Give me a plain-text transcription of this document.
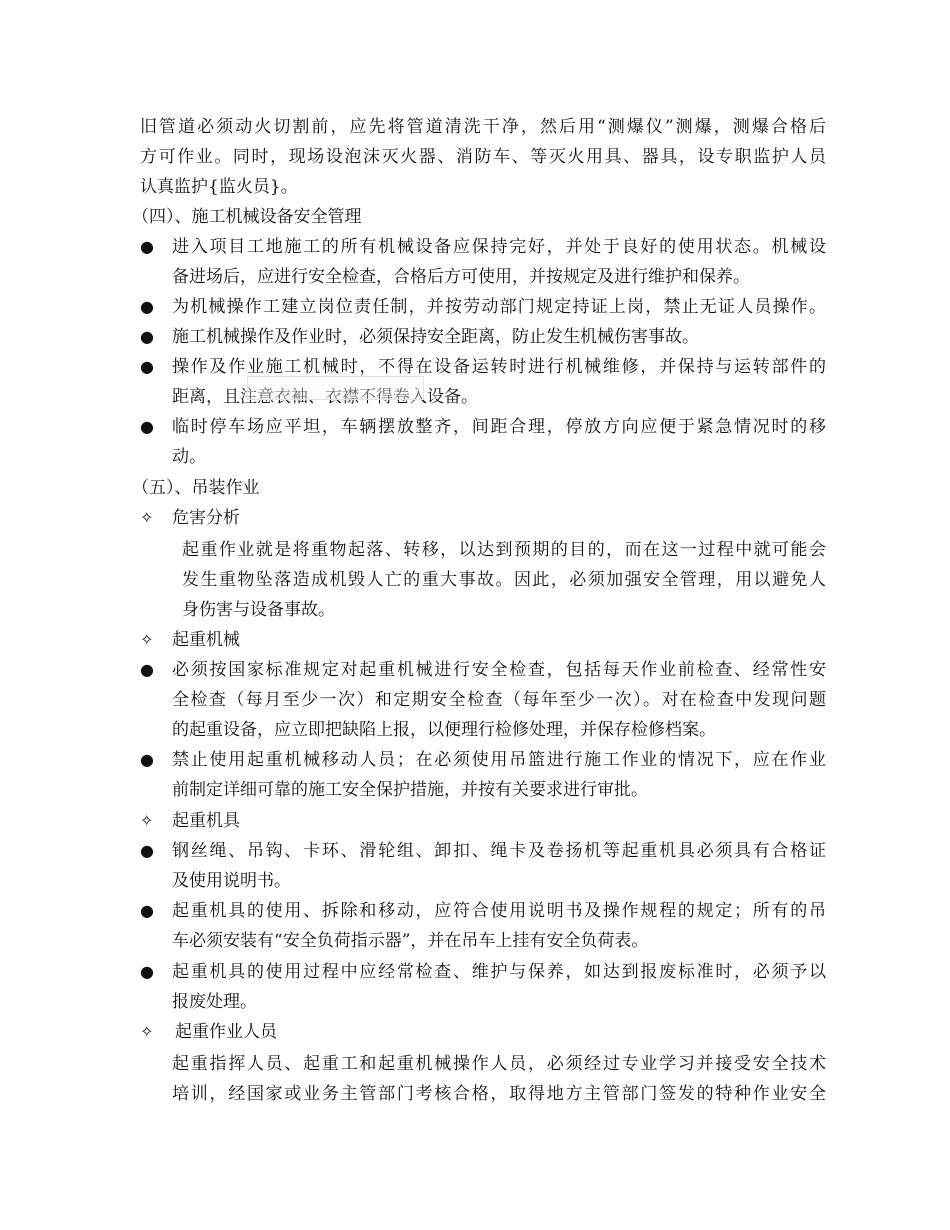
旧管道必须动火切割前，应先将管道清洗干净，然后用“测爆仪”测爆，测爆合格后
方可作业。同时，现场设泡沫灭火器、消防车、等灭火用具、器具，设专职监护人员
认真监护{监火员}。
（四）、施工机械设备安全管理
● 进入项目工地施工的所有机械设备应保持完好，并处于良好的使用状态。机械设
备进场后，应进行安全检查，合格后方可使用，并按规定及进行维护和保养。
● 为机械操作工建立岗位责任制，并按劳动部门规定持证上岗，禁止无证人员操作。
● 施工机械操作及作业时，必须保持安全距离，防止发生机械伤害事故。
● 操作及作业施工机械时，不得在设备运转时进行机械维修，并保持与运转部件的
距离，且注意衣袖、衣襟不得卷入设备。
● 临时停车场应平坦，车辆摆放整齐，间距合理，停放方向应便于紧急情况时的移
动。
（五）、吊装作业
✧ 危害分析
起重作业就是将重物起落、转移，以达到预期的目的，而在这一过程中就可能会
发生重物坠落造成机毁人亡的重大事故。因此，必须加强安全管理，用以避免人
身伤害与设备事故。
✧ 起重机械
● 必须按国家标准规定对起重机械进行安全检查，包括每天作业前检查、经常性安
全检查（每月至少一次）和定期安全检查（每年至少一次）。对在检查中发现问题
的起重设备，应立即把缺陷上报，以便理行检修处理，并保存检修档案。
● 禁止使用起重机械移动人员；在必须使用吊篮进行施工作业的情况下，应在作业
前制定详细可靠的施工安全保护措施，并按有关要求进行审批。
✧ 起重机具
● 钢丝绳、吊钩、卡环、滑轮组、卸扣、绳卡及卷扬机等起重机具必须具有合格证
及使用说明书。
● 起重机具的使用、拆除和移动，应符合使用说明书及操作规程的规定；所有的吊
车必须安装有“安全负荷指示器”，并在吊车上挂有安全负荷表。
● 起重机具的使用过程中应经常检查、维护与保养，如达到报废标准时，必须予以
报废处理。
✧ 起重作业人员
起重指挥人员、起重工和起重机械操作人员，必须经过专业学习并接受安全技术
培训，经国家或业务主管部门考核合格，取得地方主管部门签发的特种作业安全
